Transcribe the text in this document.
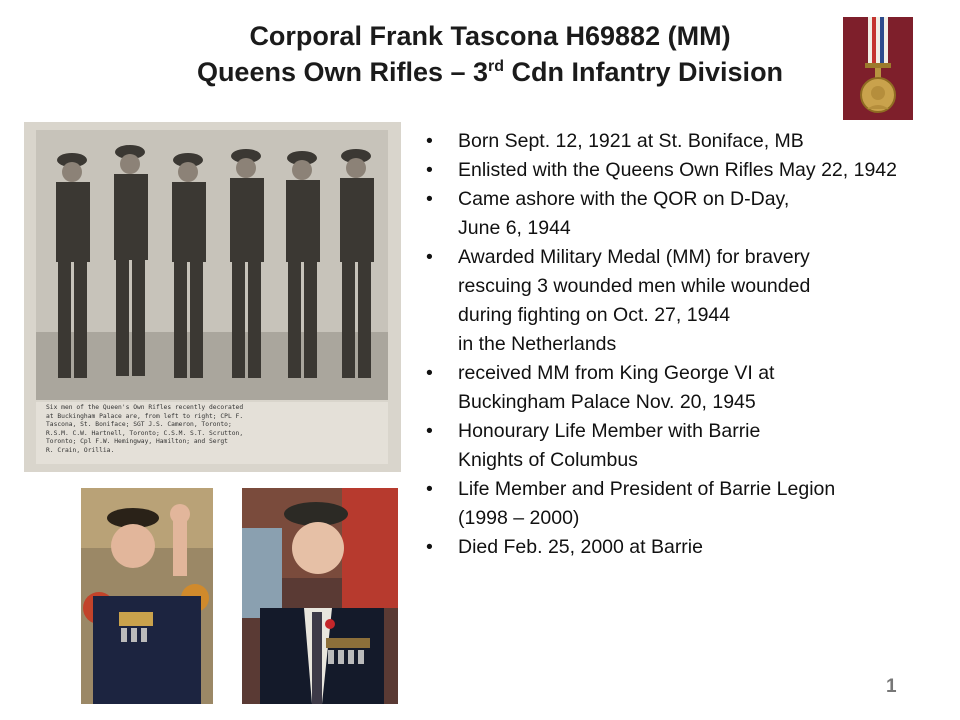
Corporal Frank Tascona H69882 (MM)
Queens Own Rifles – 3rd Cdn Infantry Division
Six men of the Queen's Own Rifles recently decorated
at Buckingham Palace are, from left to right; CPL F.
Tascona, St. Boniface; SGT J.S. Cameron, Toronto;
R.S.M. C.W. Hartnell, Toronto; C.S.M. S.T. Scrutton,
Toronto; Cpl F.W. Hemingway, Hamilton; and Sergt
R. Crain, Orillia.
• Born Sept. 12, 1921 at St. Boniface, MB
• Enlisted with the Queens Own Rifles May 22, 1942
• Came ashore with the QOR on D-Day,
June 6, 1944
• Awarded Military Medal (MM) for bravery
rescuing 3 wounded men while wounded
during fighting on Oct. 27, 1944
in the Netherlands
• received MM from King George VI at
Buckingham Palace Nov. 20, 1945
• Honourary Life Member with Barrie
Knights of Columbus
• Life Member and President of Barrie Legion
(1998 – 2000)
• Died Feb. 25, 2000 at Barrie
1
